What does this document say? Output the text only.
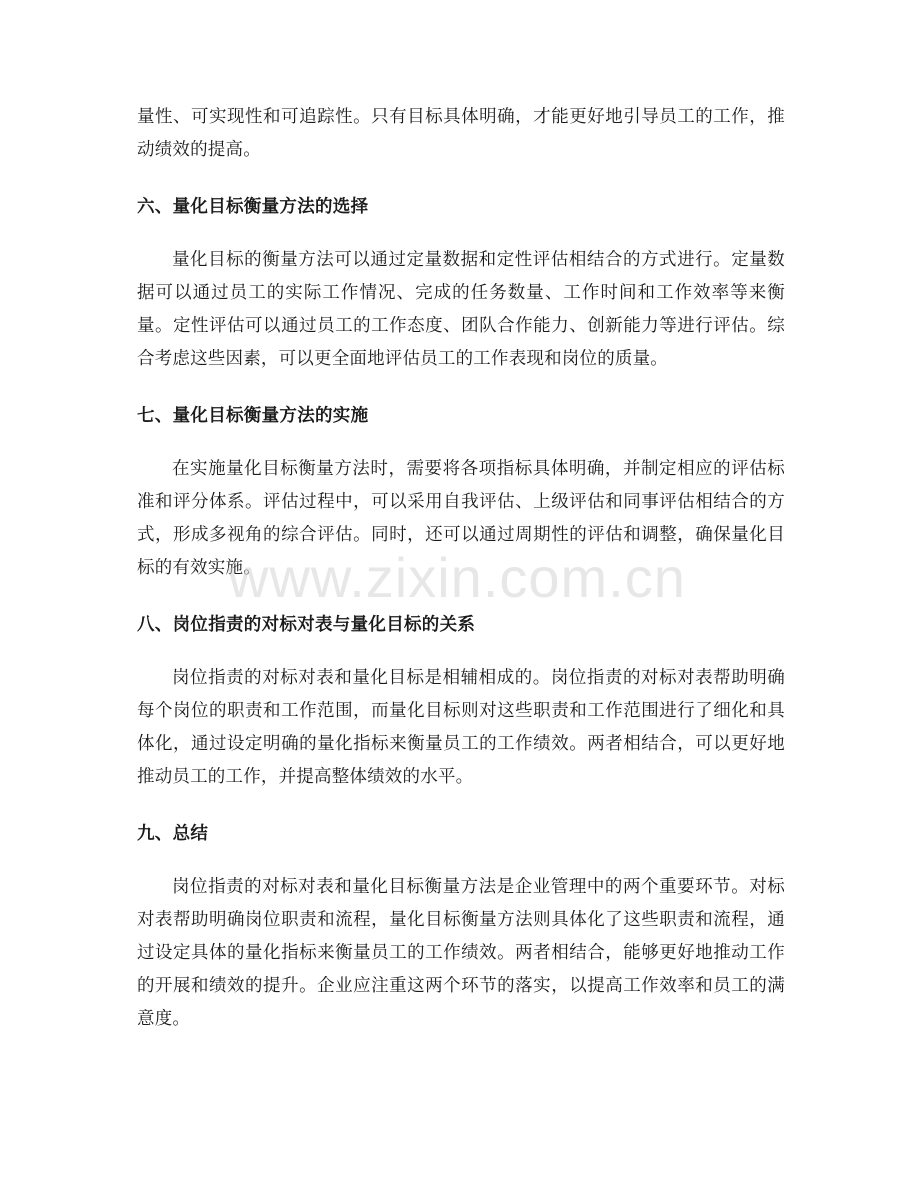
量性、可实现性和可追踪性。只有目标具体明确，才能更好地引导员工的工作，推动绩效的提高。

六、量化目标衡量方法的选择

量化目标的衡量方法可以通过定量数据和定性评估相结合的方式进行。定量数据可以通过员工的实际工作情况、完成的任务数量、工作时间和工作效率等来衡量。定性评估可以通过员工的工作态度、团队合作能力、创新能力等进行评估。综合考虑这些因素，可以更全面地评估员工的工作表现和岗位的质量。

七、量化目标衡量方法的实施

在实施量化目标衡量方法时，需要将各项指标具体明确，并制定相应的评估标准和评分体系。评估过程中，可以采用自我评估、上级评估和同事评估相结合的方式，形成多视角的综合评估。同时，还可以通过周期性的评估和调整，确保量化目标的有效实施。

八、岗位指责的对标对表与量化目标的关系

岗位指责的对标对表和量化目标是相辅相成的。岗位指责的对标对表帮助明确每个岗位的职责和工作范围，而量化目标则对这些职责和工作范围进行了细化和具体化，通过设定明确的量化指标来衡量员工的工作绩效。两者相结合，可以更好地推动员工的工作，并提高整体绩效的水平。

九、总结

岗位指责的对标对表和量化目标衡量方法是企业管理中的两个重要环节。对标对表帮助明确岗位职责和流程，量化目标衡量方法则具体化了这些职责和流程，通过设定具体的量化指标来衡量员工的工作绩效。两者相结合，能够更好地推动工作的开展和绩效的提升。企业应注重这两个环节的落实，以提高工作效率和员工的满意度。

www.zixin.com.cn
